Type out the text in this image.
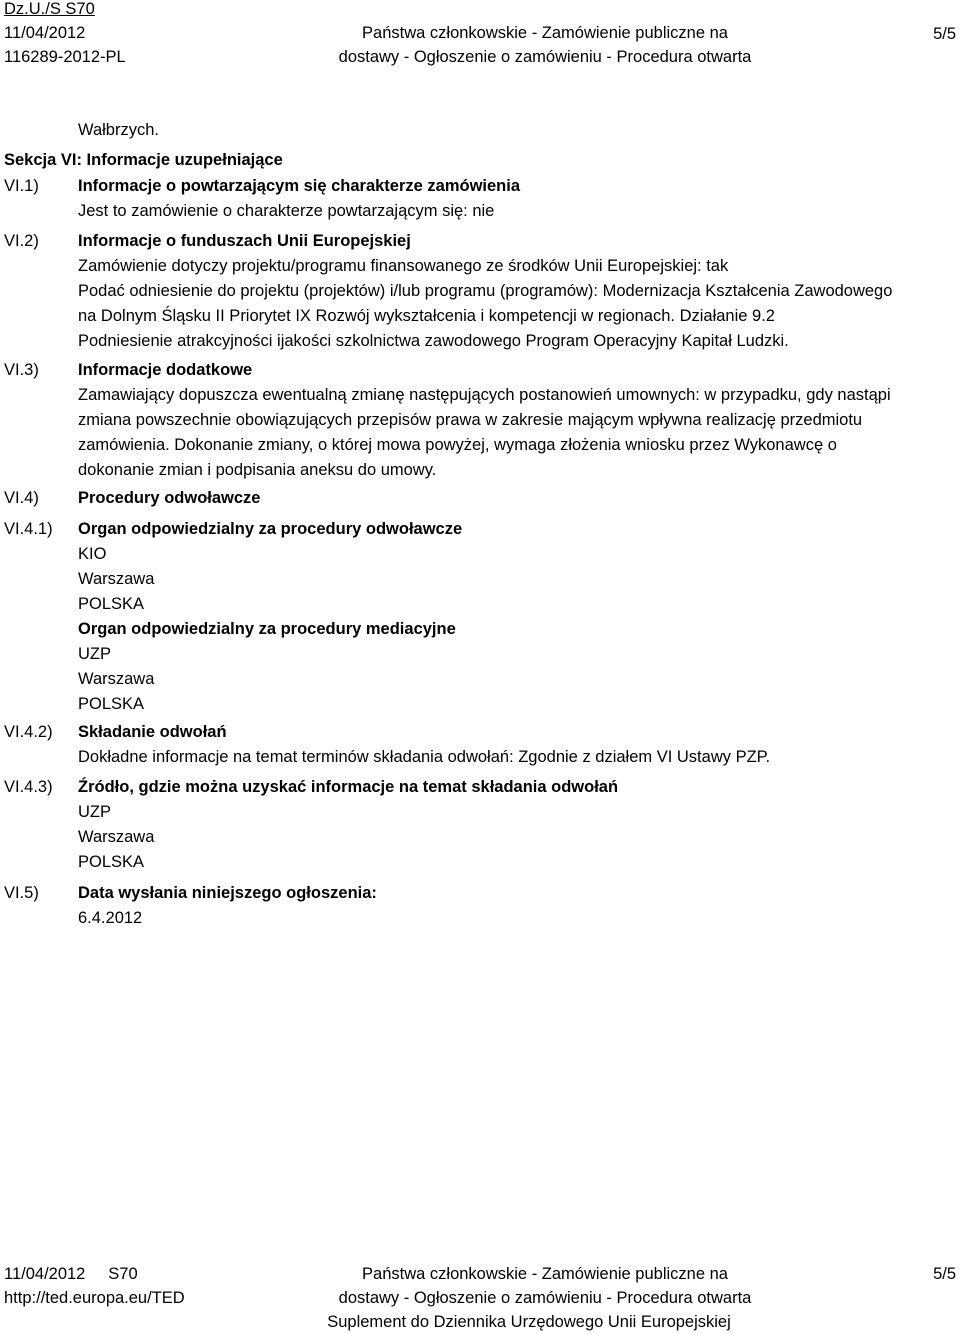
Dz.U./S S70
11/04/2012
116289-2012-PL
Państwa członkowskie - Zamówienie publiczne na
dostawy - Ogłoszenie o zamówieniu - Procedura otwarta
5/5
Wałbrzych.
Sekcja VI: Informacje uzupełniające
VI.1) Informacje o powtarzającym się charakterze zamówienia
Jest to zamówienie o charakterze powtarzającym się: nie
VI.2) Informacje o funduszach Unii Europejskiej
Zamówienie dotyczy projektu/programu finansowanego ze środków Unii Europejskiej: tak
Podać odniesienie do projektu (projektów) i/lub programu (programów): Modernizacja Kształcenia Zawodowego
na Dolnym Śląsku II Priorytet IX Rozwój wykształcenia i kompetencji w regionach. Działanie 9.2
Podniesienie atrakcyjności ijakości szkolnictwa zawodowego Program Operacyjny Kapitał Ludzki.
VI.3) Informacje dodatkowe
Zamawiający dopuszcza ewentualną zmianę następujących postanowień umownych: w przypadku, gdy nastąpi
zmiana powszechnie obowiązujących przepisów prawa w zakresie mającym wpływna realizację przedmiotu
zamówienia. Dokonanie zmiany, o której mowa powyżej, wymaga złożenia wniosku przez Wykonawcę o
dokonanie zmian i podpisania aneksu do umowy.
VI.4) Procedury odwoławcze
VI.4.1) Organ odpowiedzialny za procedury odwoławcze
KIO
Warszawa
POLSKA
Organ odpowiedzialny za procedury mediacyjne
UZP
Warszawa
POLSKA
VI.4.2) Składanie odwołań
Dokładne informacje na temat terminów składania odwołań: Zgodnie z działem VI Ustawy PZP.
VI.4.3) Źródło, gdzie można uzyskać informacje na temat składania odwołań
UZP
Warszawa
POLSKA
VI.5) Data wysłania niniejszego ogłoszenia:
6.4.2012
11/04/2012     S70
http://ted.europa.eu/TED
Państwa członkowskie - Zamówienie publiczne na
dostawy - Ogłoszenie o zamówieniu - Procedura otwarta
Suplement do Dziennika Urzędowego Unii Europejskiej
5/5
